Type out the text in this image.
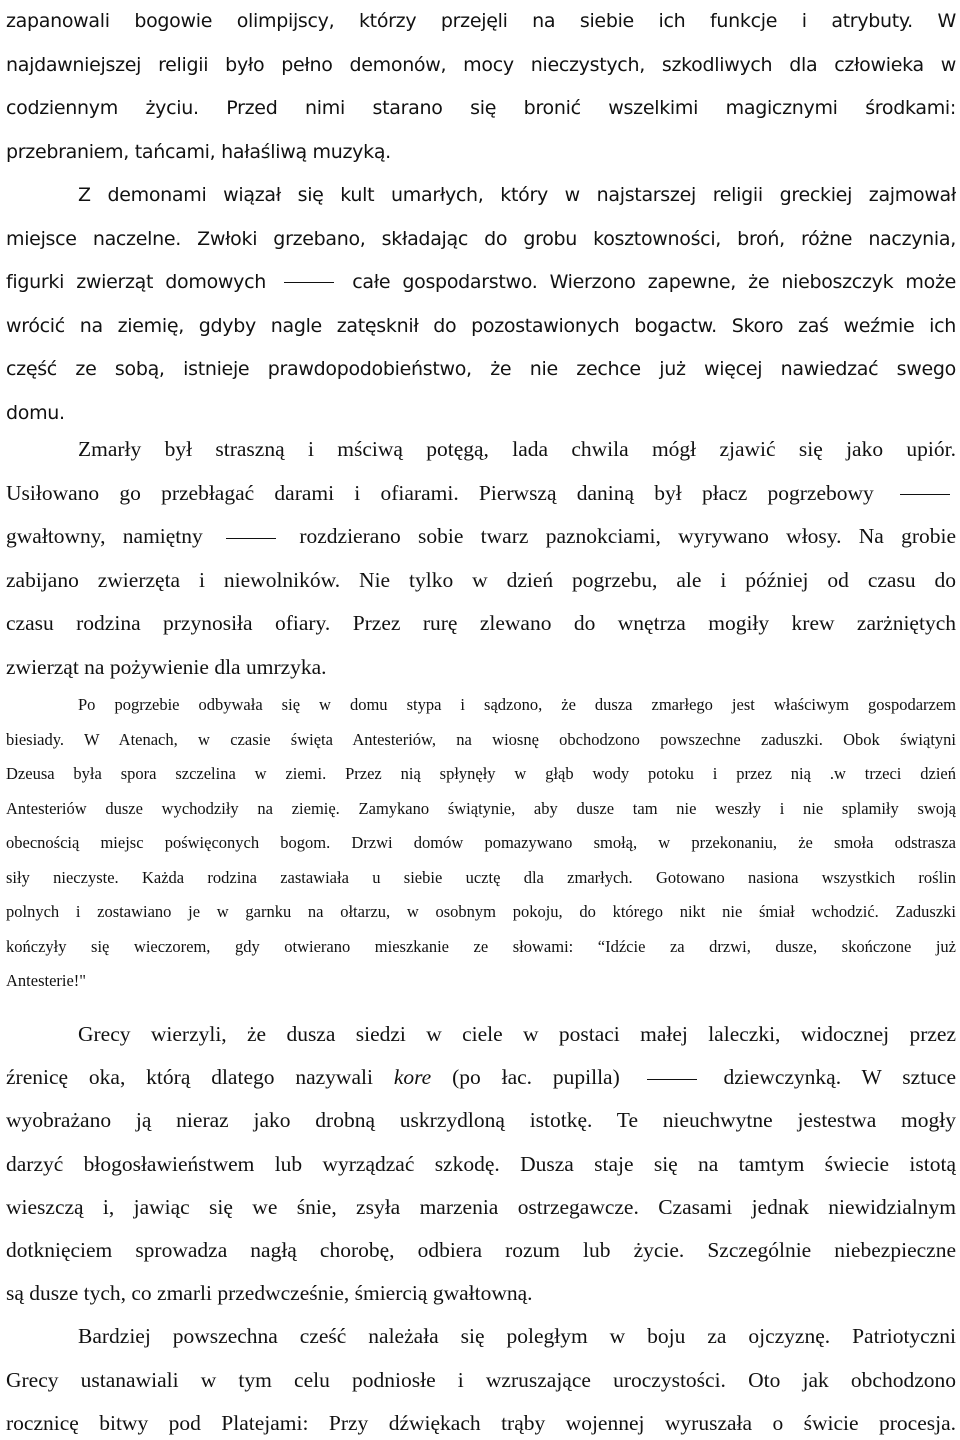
zapanowali bogowie olimpijscy, którzy przejęli na siebie ich funkcje i atrybuty. W
najdawniejszej religii było pełno demonów, mocy nieczystych, szkodliwych dla człowieka w
codziennym życiu. Przed nimi starano się bronić wszelkimi magicznymi środkami:
przebraniem, tańcami, hałaśliwą muzyką.
Z demonami wiązał się kult umarłych, który w najstarszej religii greckiej zajmował
miejsce naczelne. Zwłoki grzebano, składając do grobu kosztowności, broń, różne naczynia,
figurki zwierząt domowych	całe gospodarstwo. Wierzono zapewne, że nieboszczyk może
wrócić na ziemię, gdyby nagle zatęsknił do pozostawionych bogactw. Skoro zaś weźmie ich
część ze sobą, istnieje prawdopodobieństwo, że nie zechce już więcej nawiedzać swego
domu.
Zmarły był straszną i mściwą potęgą, lada chwila mógł zjawić się jako upiór.
Usiłowano go przebłagać darami i ofiarami. Pierwszą daniną był płacz pogrzebowy
gwałtowny, namiętny	rozdzierano sobie twarz paznokciami, wyrywano włosy. Na grobie
zabijano zwierzęta i niewolników. Nie tylko w dzień pogrzebu, ale i później od czasu do
czasu rodzina przynosiła ofiary. Przez rurę zlewano do wnętrza mogiły krew zarżniętych
zwierząt na pożywienie dla umrzyka.
Po pogrzebie odbywała się w domu stypa i sądzono, że dusza zmarłego jest właściwym gospodarzem
biesiady. W Atenach, w czasie święta Antesteriów, na wiosnę obchodzono powszechne zaduszki. Obok świątyni
Dzeusa była spora szczelina w ziemi. Przez nią spłynęły w głąb wody potoku i przez nią .w trzeci dzień
Antesteriów dusze wychodziły na ziemię. Zamykano świątynie, aby dusze tam nie weszły i nie splamiły swoją
obecnością miejsc poświęconych bogom. Drzwi domów pomazywano smołą, w przekonaniu, że smoła odstrasza
siły nieczyste. Każda rodzina zastawiała u siebie ucztę dla zmarłych. Gotowano nasiona wszystkich roślin
polnych i zostawiano je w garnku na ołtarzu, w osobnym pokoju, do którego nikt nie śmiał wchodzić. Zaduszki
kończyły się wieczorem, gdy otwierano mieszkanie ze słowami: “Idźcie za drzwi, dusze, skończone już
Antesterie!"
Grecy wierzyli, że dusza siedzi w ciele w postaci małej laleczki, widocznej przez
źrenicę oka, którą dlatego nazywali kore (po łac. pupilla)	dziewczynką. W sztuce
wyobrażano ją nieraz jako drobną uskrzydloną istotkę. Te nieuchwytne jestestwa mogły
darzyć błogosławieństwem lub wyrządzać szkodę. Dusza staje się na tamtym świecie istotą
wieszczą i, jawiąc się we śnie, zsyła marzenia ostrzegawcze. Czasami jednak niewidzialnym
dotknięciem sprowadza nagłą chorobę, odbiera rozum lub życie. Szczególnie niebezpieczne
są dusze tych, co zmarli przedwcześnie, śmiercią gwałtowną.
Bardziej powszechna cześć należała się poległym w boju za ojczyznę. Patriotyczni
Grecy ustanawiali w tym celu podniosłe i wzruszające uroczystości. Oto jak obchodzono
rocznicę bitwy pod Platejami: Przy dźwiękach trąby wojennej wyruszała o świcie procesja.
